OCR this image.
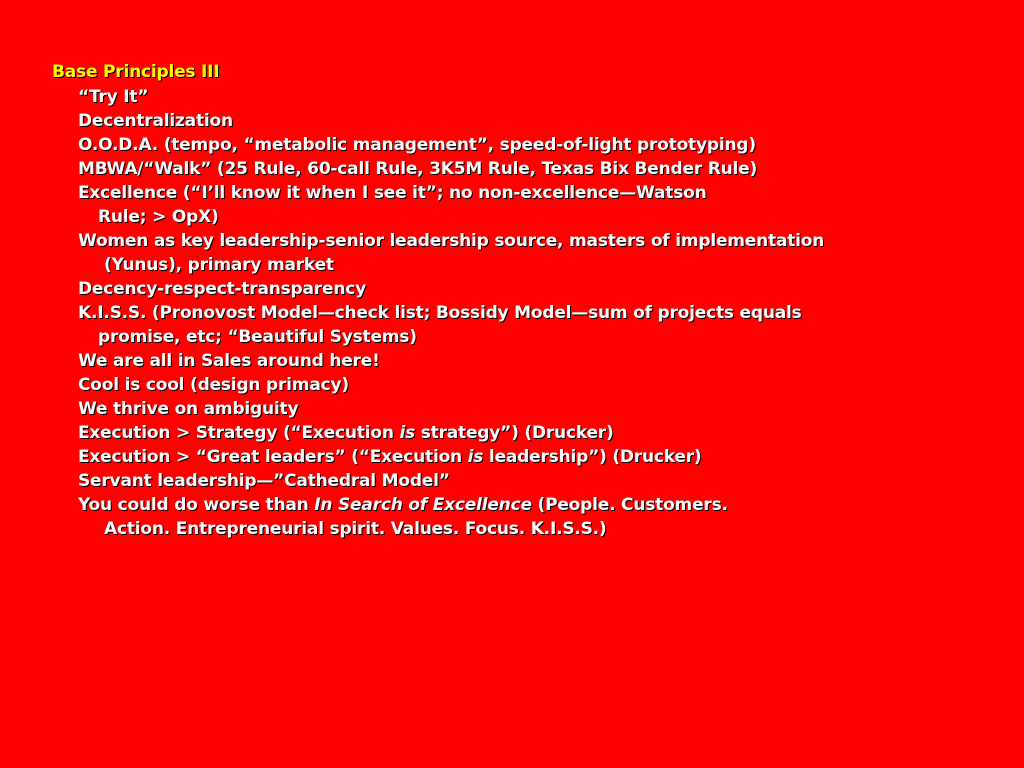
Base Principles III
“Try It”
Decentralization
O.O.D.A. (tempo, “metabolic management”, speed-of-light prototyping)
MBWA/“Walk” (25 Rule, 60-call Rule, 3K5M Rule, Texas Bix Bender Rule)
Excellence (“I’ll know it when I see it”; no non-excellence—Watson
Rule; > OpX)
Women as key leadership-senior leadership source, masters of implementation
(Yunus), primary market
Decency-respect-transparency
K.I.S.S. (Pronovost Model—check list; Bossidy Model—sum of projects equals
promise, etc; “Beautiful Systems)
We are all in Sales around here!
Cool is cool (design primacy)
We thrive on ambiguity
Execution > Strategy (“Execution is strategy”) (Drucker)
Execution > “Great leaders” (“Execution is leadership”) (Drucker)
Servant leadership—”Cathedral Model”
You could do worse than In Search of Excellence (People. Customers.
Action. Entrepreneurial spirit. Values. Focus. K.I.S.S.)
